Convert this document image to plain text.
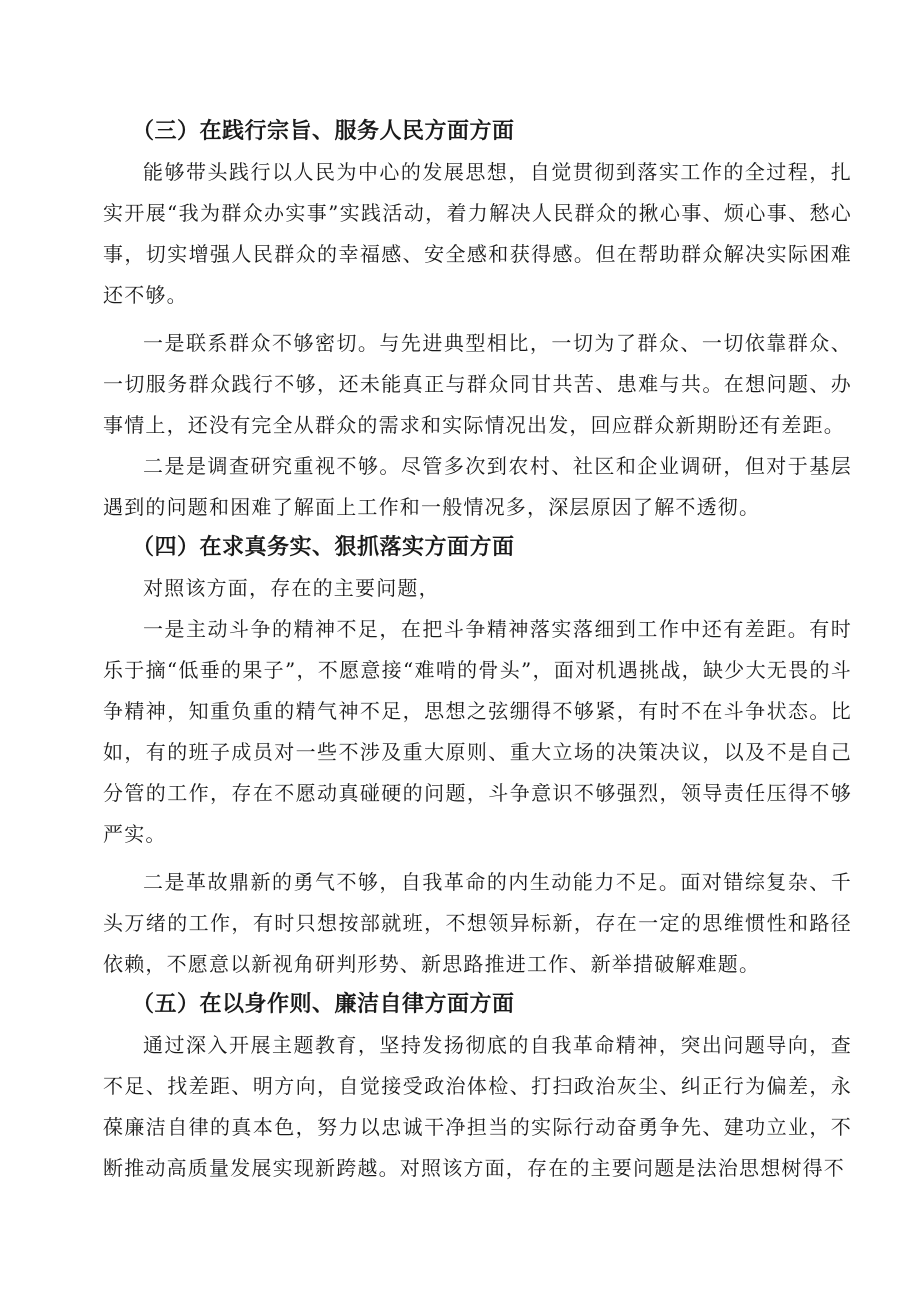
（三）在践行宗旨、服务人民方面方面

能够带头践行以人民为中心的发展思想，自觉贯彻到落实工作的全过程，扎实开展“我为群众办实事”实践活动，着力解决人民群众的揪心事、烦心事、愁心事，切实增强人民群众的幸福感、安全感和获得感。但在帮助群众解决实际困难还不够。

一是联系群众不够密切。与先进典型相比，一切为了群众、一切依靠群众、一切服务群众践行不够，还未能真正与群众同甘共苦、患难与共。在想问题、办事情上，还没有完全从群众的需求和实际情况出发，回应群众新期盼还有差距。

二是是调查研究重视不够。尽管多次到农村、社区和企业调研，但对于基层遇到的问题和困难了解面上工作和一般情况多，深层原因了解不透彻。

（四）在求真务实、狠抓落实方面方面

对照该方面，存在的主要问题，

一是主动斗争的精神不足，在把斗争精神落实落细到工作中还有差距。有时乐于摘“低垂的果子”，不愿意接“难啃的骨头”，面对机遇挑战，缺少大无畏的斗争精神，知重负重的精气神不足，思想之弦绷得不够紧，有时不在斗争状态。比如，有的班子成员对一些不涉及重大原则、重大立场的决策决议，以及不是自己分管的工作，存在不愿动真碰硬的问题，斗争意识不够强烈，领导责任压得不够严实。

二是革故鼎新的勇气不够，自我革命的内生动能力不足。面对错综复杂、千头万绪的工作，有时只想按部就班，不想领异标新，存在一定的思维惯性和路径依赖，不愿意以新视角研判形势、新思路推进工作、新举措破解难题。

（五）在以身作则、廉洁自律方面方面

通过深入开展主题教育，坚持发扬彻底的自我革命精神，突出问题导向，查不足、找差距、明方向，自觉接受政治体检、打扫政治灰尘、纠正行为偏差，永葆廉洁自律的真本色，努力以忠诚干净担当的实际行动奋勇争先、建功立业，不断推动高质量发展实现新跨越。对照该方面，存在的主要问题是法治思想树得不
